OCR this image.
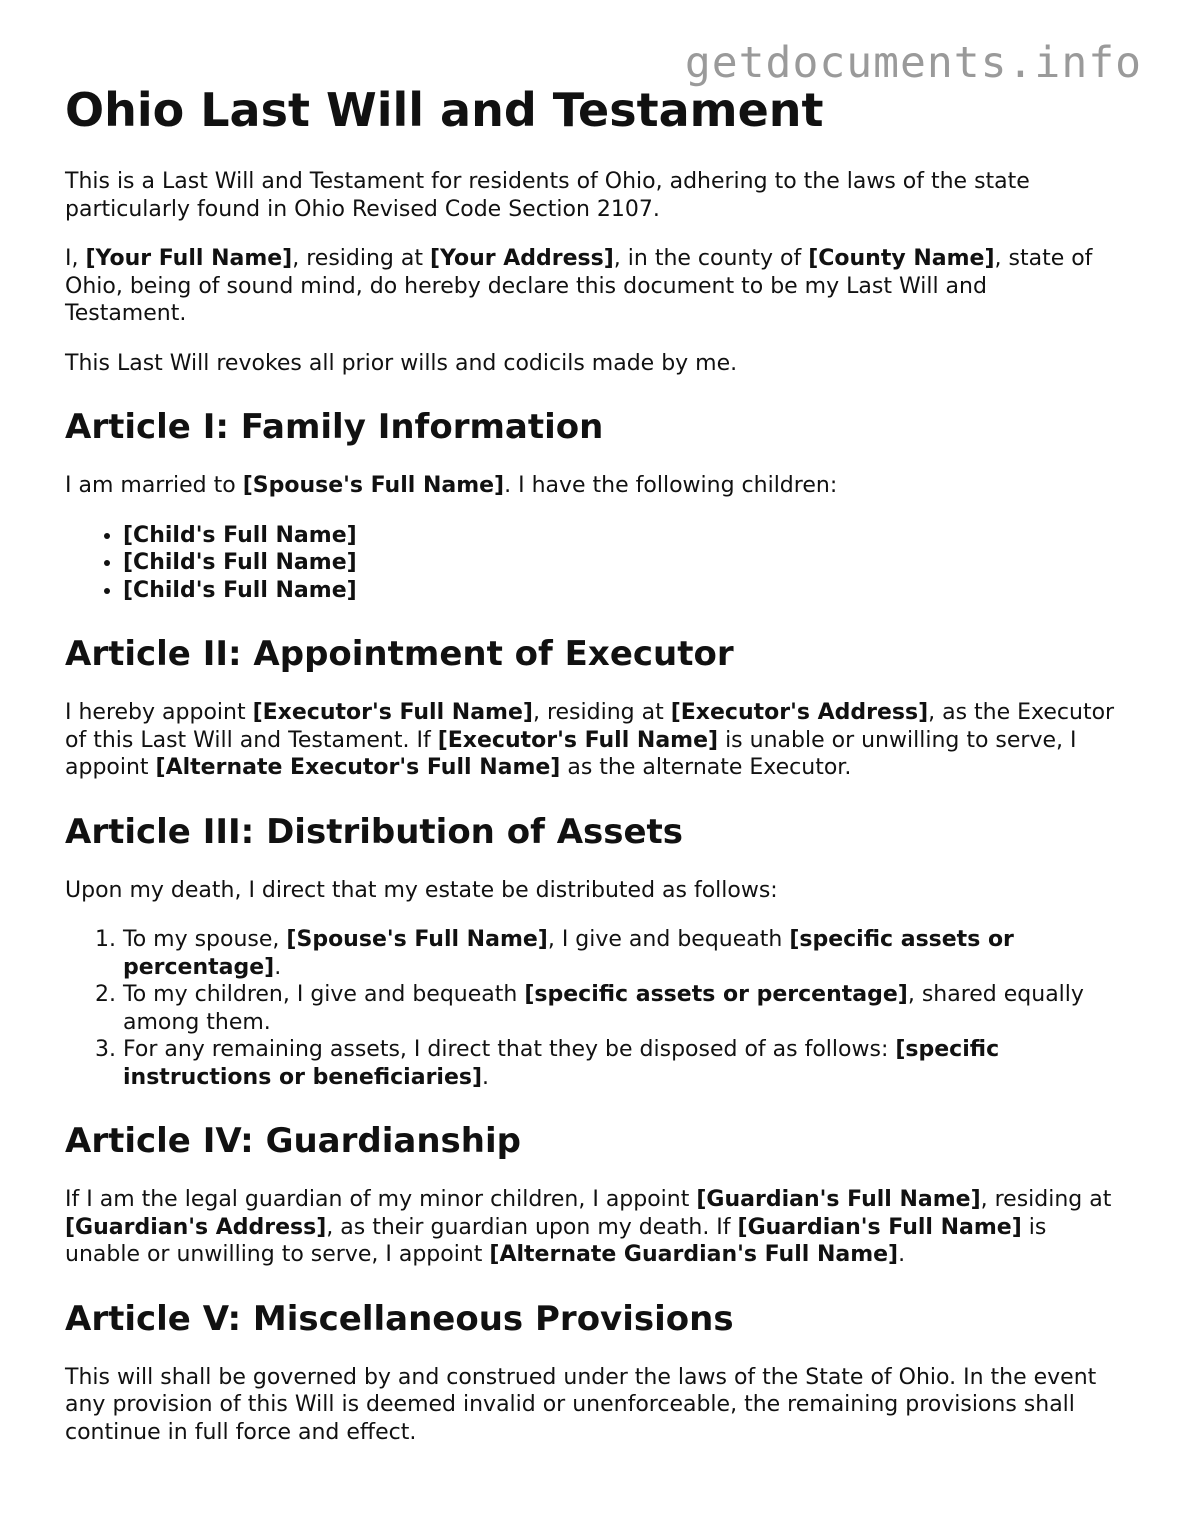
getdocuments.info
Ohio Last Will and Testament

This is a Last Will and Testament for residents of Ohio, adhering to the laws of the state particularly found in Ohio Revised Code Section 2107.

I, [Your Full Name], residing at [Your Address], in the county of [County Name], state of Ohio, being of sound mind, do hereby declare this document to be my Last Will and Testament.

This Last Will revokes all prior wills and codicils made by me.

Article I: Family Information

I am married to [Spouse's Full Name]. I have the following children:

• [Child's Full Name]
• [Child's Full Name]
• [Child's Full Name]
Article II: Appointment of Executor

I hereby appoint [Executor's Full Name], residing at [Executor's Address], as the Executor of this Last Will and Testament. If [Executor's Full Name] is unable or unwilling to serve, I appoint [Alternate Executor's Full Name] as the alternate Executor.

Article III: Distribution of Assets

Upon my death, I direct that my estate be distributed as follows:

1. To my spouse, [Spouse's Full Name], I give and bequeath [specific assets or percentage].
2. To my children, I give and bequeath [specific assets or percentage], shared equally among them.
3. For any remaining assets, I direct that they be disposed of as follows: [specific instructions or beneficiaries].
Article IV: Guardianship

If I am the legal guardian of my minor children, I appoint [Guardian's Full Name], residing at [Guardian's Address], as their guardian upon my death. If [Guardian's Full Name] is unable or unwilling to serve, I appoint [Alternate Guardian's Full Name].

Article V: Miscellaneous Provisions

This will shall be governed by and construed under the laws of the State of Ohio. In the event any provision of this Will is deemed invalid or unenforceable, the remaining provisions shall continue in full force and effect.
